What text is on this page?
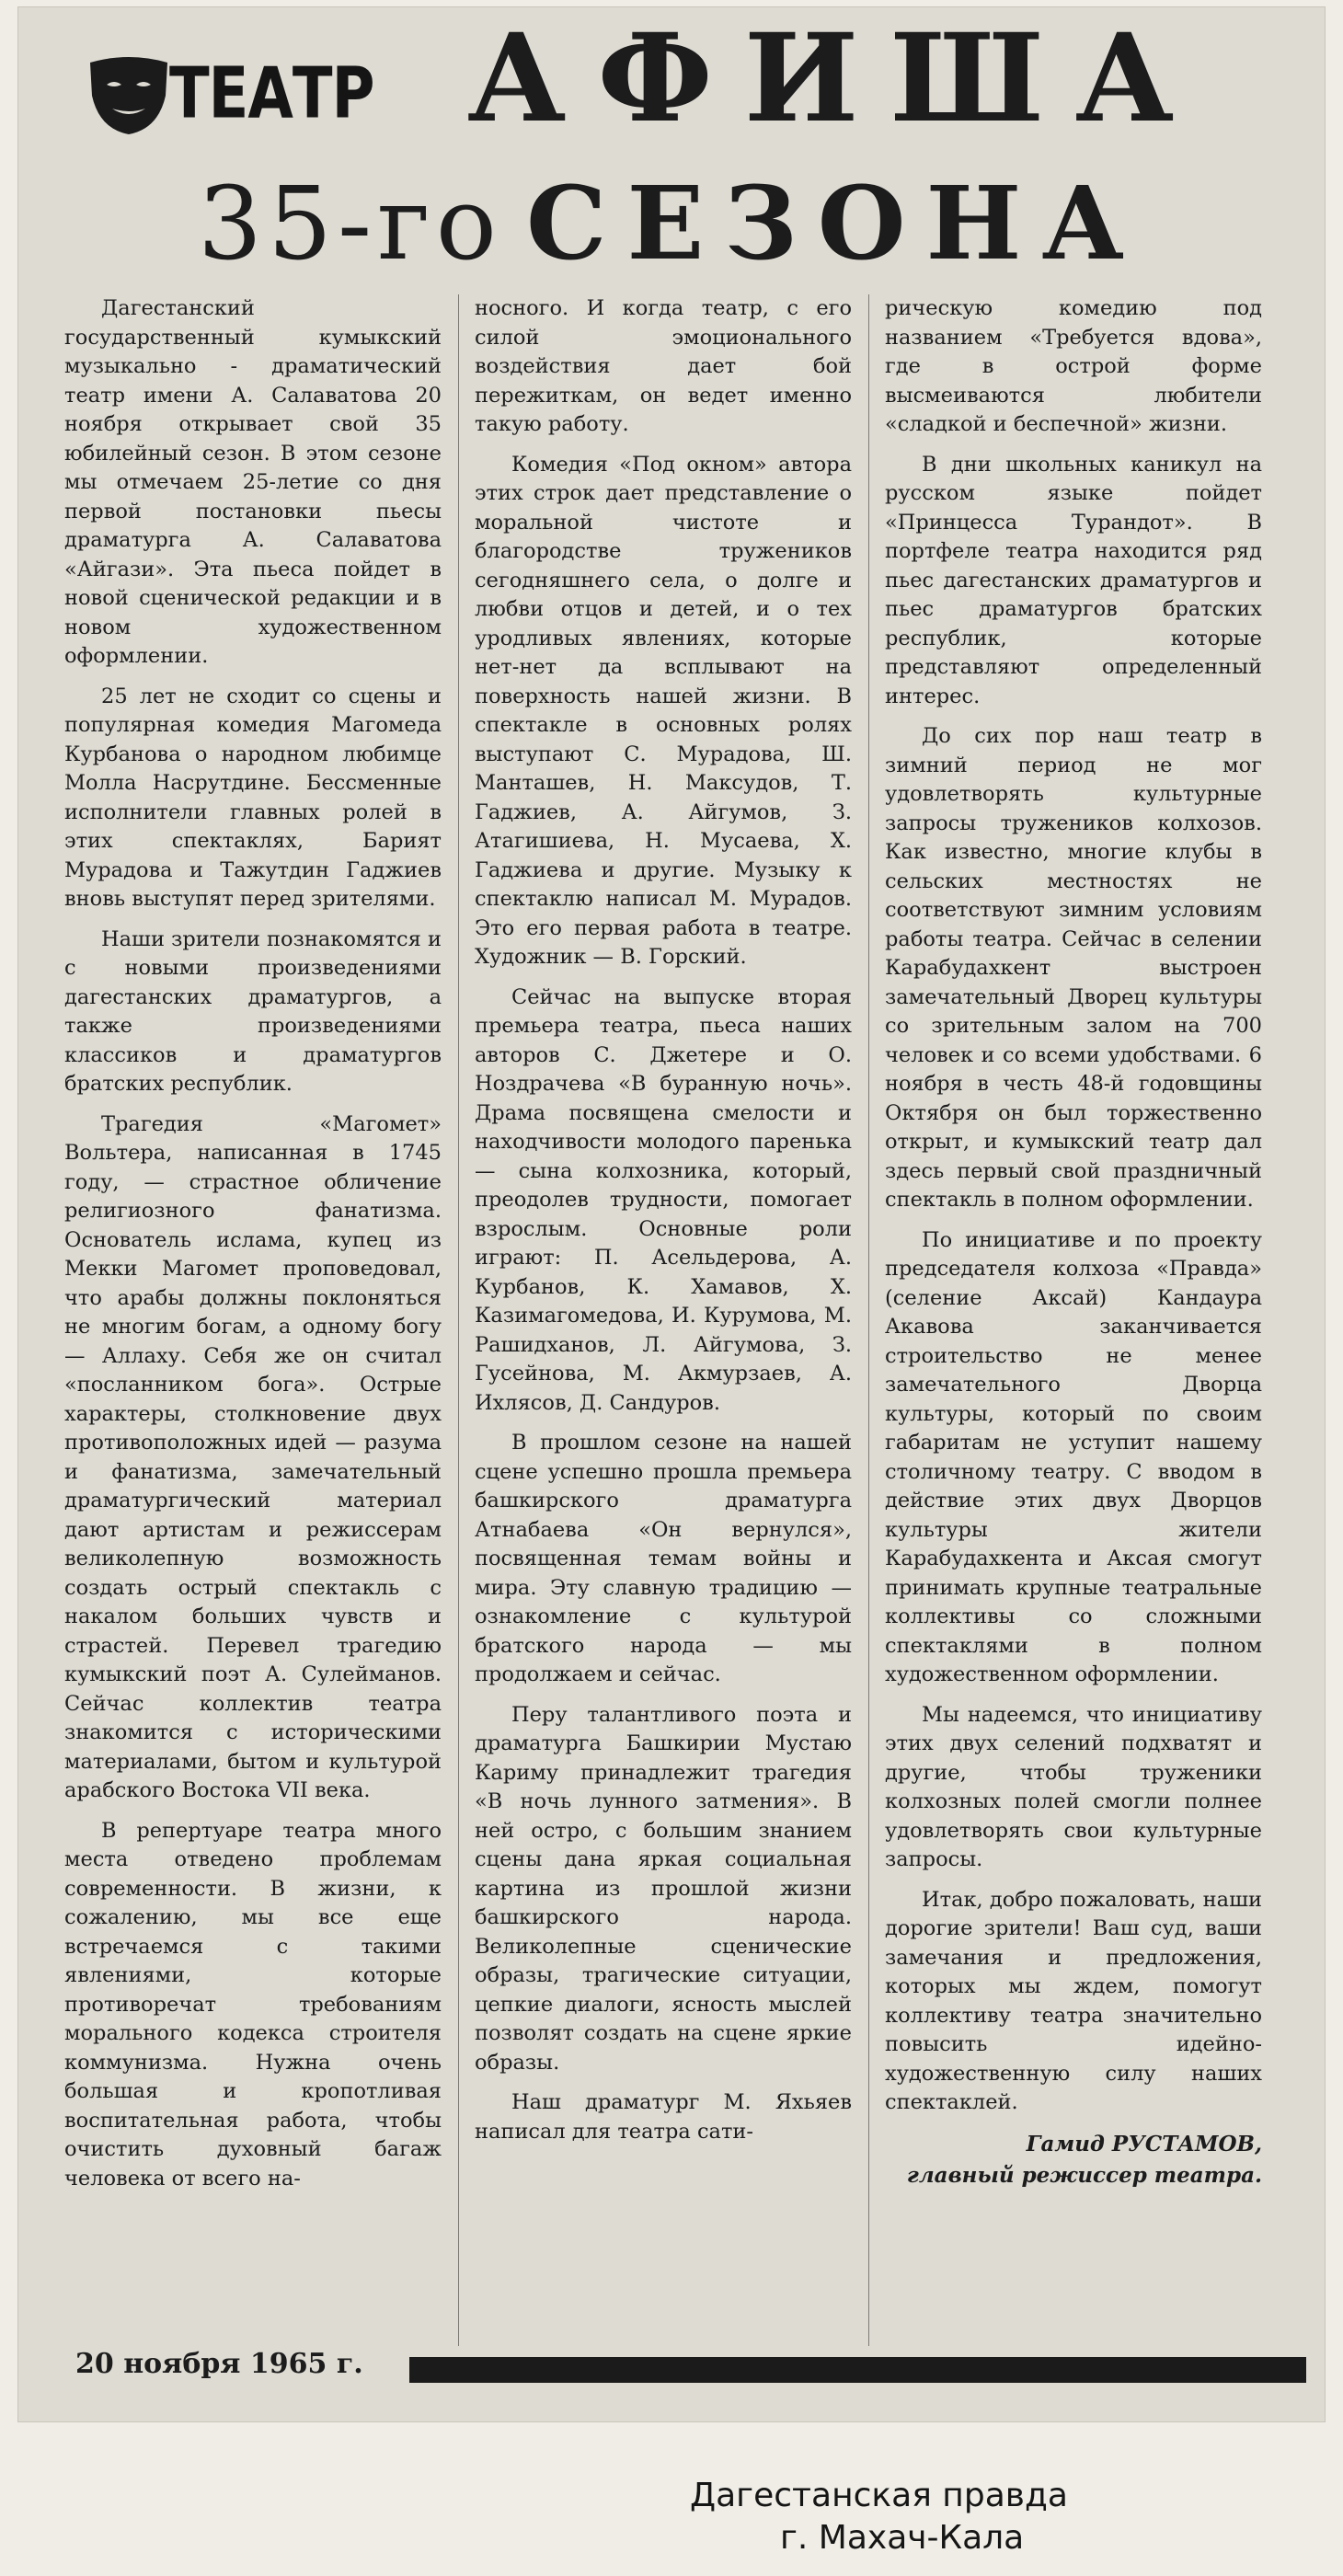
ТЕАТР АФИША
35-го СЕЗОНА

Дагестанский государственный кумыкский музыкально - драматический театр имени А. Салаватова 20 ноября открывает свой 35 юбилейный сезон. В этом сезоне мы отмечаем 25-летие со дня первой постановки пьесы драматурга А. Салаватова «Айгази». Эта пьеса пойдет в новой сценической редакции и в новом художественном оформлении.

25 лет не сходит со сцены и популярная комедия Магомеда Курбанова о народном любимце Молла Насрутдине. Бессменные исполнители главных ролей в этих спектаклях, Барият Мурадова и Тажутдин Гаджиев вновь выступят перед зрителями.

Наши зрители познакомятся и с новыми произведениями дагестанских драматургов, а также произведениями классиков и драматургов братских республик.

Трагедия «Магомет» Вольтера, написанная в 1745 году, — страстное обличение религиозного фанатизма. Основатель ислама, купец из Мекки Магомет проповедовал, что арабы должны поклоняться не многим богам, а одному богу — Аллаху. Себя же он считал «посланником бога». Острые характеры, столкновение двух противоположных идей — разума и фанатизма, замечательный драматургический материал дают артистам и режиссерам великолепную возможность создать острый спектакль с накалом больших чувств и страстей. Перевел трагедию кумыкский поэт А. Сулейманов. Сейчас коллектив театра знакомится с историческими материалами, бытом и культурой арабского Востока VII века.

В репертуаре театра много места отведено проблемам современности. В жизни, к сожалению, мы все еще встречаемся с такими явлениями, которые противоречат требованиям морального кодекса строителя коммунизма. Нужна очень большая и кропотливая воспитательная работа, чтобы очистить духовный багаж человека от всего на-

носного. И когда театр, с его силой эмоционального воздействия дает бой пережиткам, он ведет именно такую работу.

Комедия «Под окном» автора этих строк дает представление о моральной чистоте и благородстве тружеников сегодняшнего села, о долге и любви отцов и детей, и о тех уродливых явлениях, которые нет-нет да всплывают на поверхность нашей жизни. В спектакле в основных ролях выступают С. Мурадова, Ш. Манташев, Н. Максудов, Т. Гаджиев, А. Айгумов, З. Атагишиева, Н. Мусаева, Х. Гаджиева и другие. Музыку к спектаклю написал М. Мурадов. Это его первая работа в театре. Художник — В. Горский.

Сейчас на выпуске вторая премьера театра, пьеса наших авторов С. Джетере и О. Ноздрачева «В буранную ночь». Драма посвящена смелости и находчивости молодого паренька — сына колхозника, который, преодолев трудности, помогает взрослым. Основные роли играют: П. Асельдерова, А. Курбанов, К. Хамавов, Х. Казимагомедова, И. Курумова, М. Рашидханов, Л. Айгумова, З. Гусейнова, М. Акмурзаев, А. Ихлясов, Д. Сандуров.

В прошлом сезоне на нашей сцене успешно прошла премьера башкирского драматурга Атнабаева «Он вернулся», посвященная темам войны и мира. Эту славную традицию — ознакомление с культурой братского народа — мы продолжаем и сейчас.

Перу талантливого поэта и драматурга Башкирии Мустаю Кариму принадлежит трагедия «В ночь лунного затмения». В ней остро, с большим знанием сцены дана яркая социальная картина из прошлой жизни башкирского народа. Великолепные сценические образы, трагические ситуации, цепкие диалоги, ясность мыслей позволят создать на сцене яркие образы.

Наш драматург М. Яхьяев написал для театра сати-

рическую комедию под названием «Требуется вдова», где в острой форме высмеиваются любители «сладкой и беспечной» жизни.

В дни школьных каникул на русском языке пойдет «Принцесса Турандот». В портфеле театра находится ряд пьес дагестанских драматургов и пьес драматургов братских республик, которые представляют определенный интерес.

До сих пор наш театр в зимний период не мог удовлетворять культурные запросы тружеников колхозов. Как известно, многие клубы в сельских местностях не соответствуют зимним условиям работы театра. Сейчас в селении Карабудахкент выстроен замечательный Дворец культуры со зрительным залом на 700 человек и со всеми удобствами. 6 ноября в честь 48-й годовщины Октября он был торжественно открыт, и кумыкский театр дал здесь первый свой праздничный спектакль в полном оформлении.

По инициативе и по проекту председателя колхоза «Правда» (селение Аксай) Кандаура Акавова заканчивается строительство не менее замечательного Дворца культуры, который по своим габаритам не уступит нашему столичному театру. С вводом в действие этих двух Дворцов культуры жители Карабудахкента и Аксая смогут принимать крупные театральные коллективы со сложными спектаклями в полном художественном оформлении.

Мы надеемся, что инициативу этих двух селений подхватят и другие, чтобы труженики колхозных полей смогли полнее удовлетворять свои культурные запросы.

Итак, добро пожаловать, наши дорогие зрители! Ваш суд, ваши замечания и предложения, которых мы ждем, помогут коллективу театра значительно повысить идейно-художественную силу наших спектаклей.

Гамид РУСТАМОВ,
главный режиссер театра.
20 ноября 1965 г.
Дагестанская правда
г. Махач-Кала
